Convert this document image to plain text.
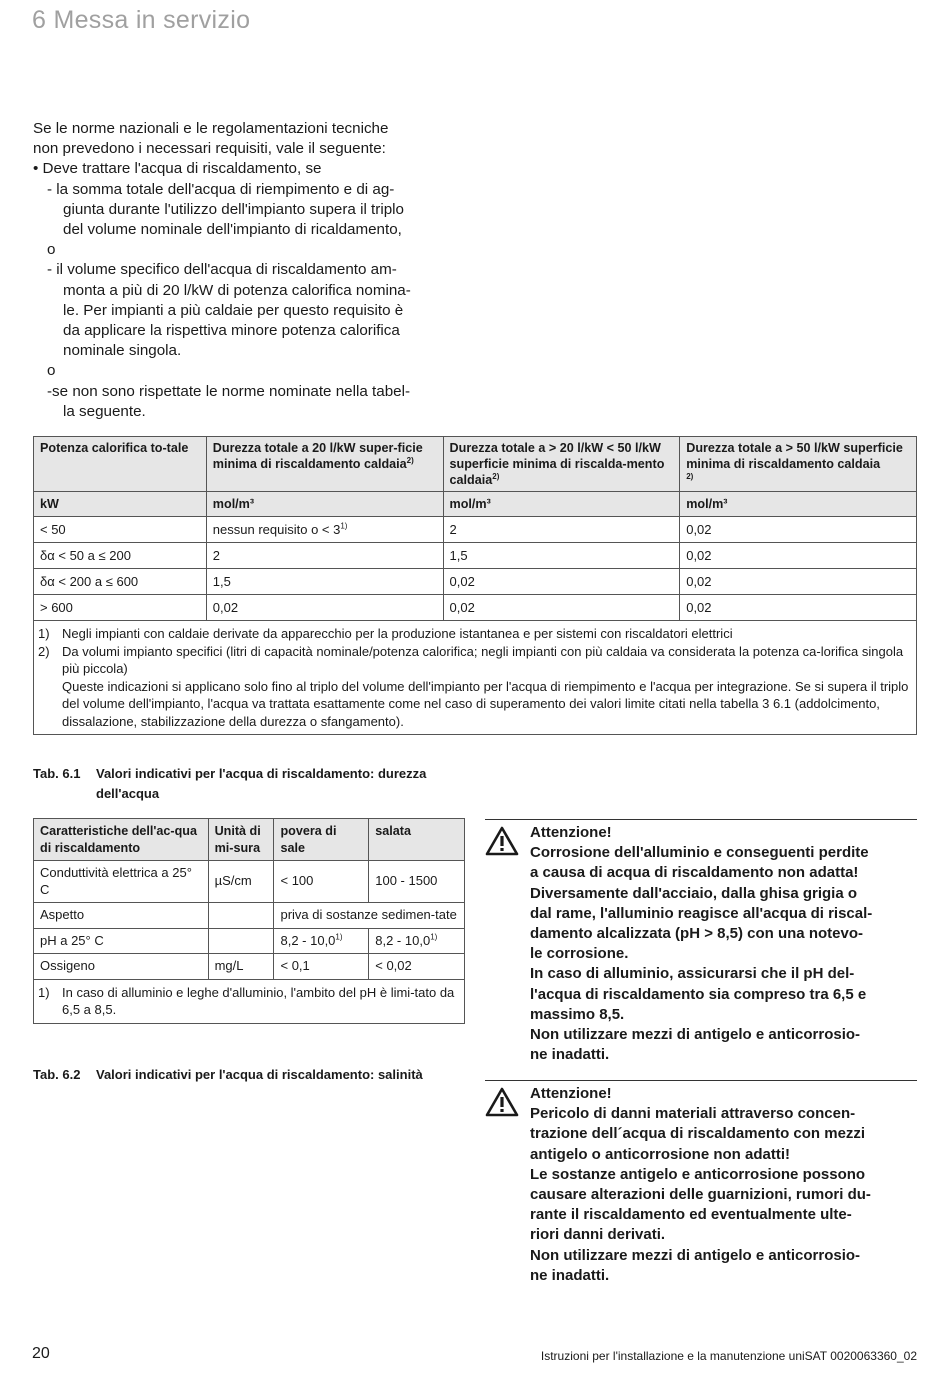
6 Messa in servizio

Se le norme nazionali e le regolamentazioni tecniche

non prevedono i necessari requisiti, vale il seguente:

• Deve trattare l'acqua di riscaldamento, se

- la somma totale dell'acqua di riempimento e di ag-

giunta durante l'utilizzo dell'impianto supera il triplo

del volume nominale dell'impianto di ricaldamento,

o

- il volume specifico dell'acqua di riscaldamento am-

monta a più di 20 l/kW di potenza calorifica nomina-

le. Per impianti a più caldaie per questo requisito è

da applicare la rispettiva minore potenza calorifica

nominale singola.

o

-se non sono rispettate le norme nominate nella tabel-

la seguente.

Potenza calorifica to-tale	Durezza totale a 20 l/kW super-ficie minima di riscaldamento caldaia$^{2)}$	Durezza totale a > 20 l/kW < 50 l/kW superficie minima di riscalda-mento caldaia$^{2)}$	Durezza totale a > 50 l/kW superficie minima di riscaldamento caldaia
$^{2)}$
kW	mol/m³	mol/m³	mol/m³
< 50	nessun requisito $o < 3^{1)}$	2	0,02
δα < 50 a ≤ 200	2	1,5	0,02
δα < 200 a ≤ 600	1,5	0,02	0,02
> 600	0,02	0,02	0,02

1) Negli impianti con caldaie derivate da apparecchio per la produzione istantanea e per sistemi con riscaldatori elettrici
2) Da volumi impianto specifici (litri di capacità nominale/potenza calorifica; negli impianti con più caldaia va considerata la potenza ca-lorifica singola più piccola)
Queste indicazioni si applicano solo fino al triplo del volume dell'impianto per l'acqua di riempimento e l'acqua per integrazione. Se si supera il triplo del volume dell'impianto, l'acqua va trattata esattamente come nel caso di superamento dei valori limite citati nella tabella 3 6.1 (addolcimento, dissalazione, stabilizzazione della durezza o sfangamento).			
Tab. 6.1 Valori indicativi per l'acqua di riscaldamento: durezza
dell'acqua
Caratteristiche dell'ac-qua di riscaldamento	Unità di mi-sura	povera di sale	salata
Conduttività elettrica a 25° C	µS/cm	< 100	100 - 1500
Aspetto		priva di sostanze sedimen-tate	
pH a 25° C		8,2 - 10,0$^{1)}$	8,2 - 10,0$^{1)}$
Ossigeno	mg/L	< 0,1	< 0,02

1) In caso di alluminio e leghe d'alluminio, l'ambito del pH è limi-tato da 6,5 a 8,5.			
Tab. 6.2 Valori indicativi per l'acqua di riscaldamento: salinità

Attenzione!

Corrosione dell'alluminio e conseguenti perdite

a causa di acqua di riscaldamento non adatta!

Diversamente dall'acciaio, dalla ghisa grigia o

dal rame, l'alluminio reagisce all'acqua di riscal-

damento alcalizzata (pH > 8,5) con una notevo-

le corrosione.

In caso di alluminio, assicurarsi che il pH del-

l'acqua di riscaldamento sia compreso tra 6,5 e

massimo 8,5.

Non utilizzare mezzi di antigelo e anticorrosio-

ne inadatti.

Attenzione!

Pericolo di danni materiali attraverso concen-

trazione dell´acqua di riscaldamento con mezzi

antigelo o anticorrosione non adatti!

Le sostanze antigelo e anticorrosione possono

causare alterazioni delle guarnizioni, rumori du-

rante il riscaldamento ed eventualmente ulte-

riori danni derivati.

Non utilizzare mezzi di antigelo e anticorrosio-

ne inadatti.

20	Istruzioni per l'installazione e la manutenzione uniSAT 0020063360_02
